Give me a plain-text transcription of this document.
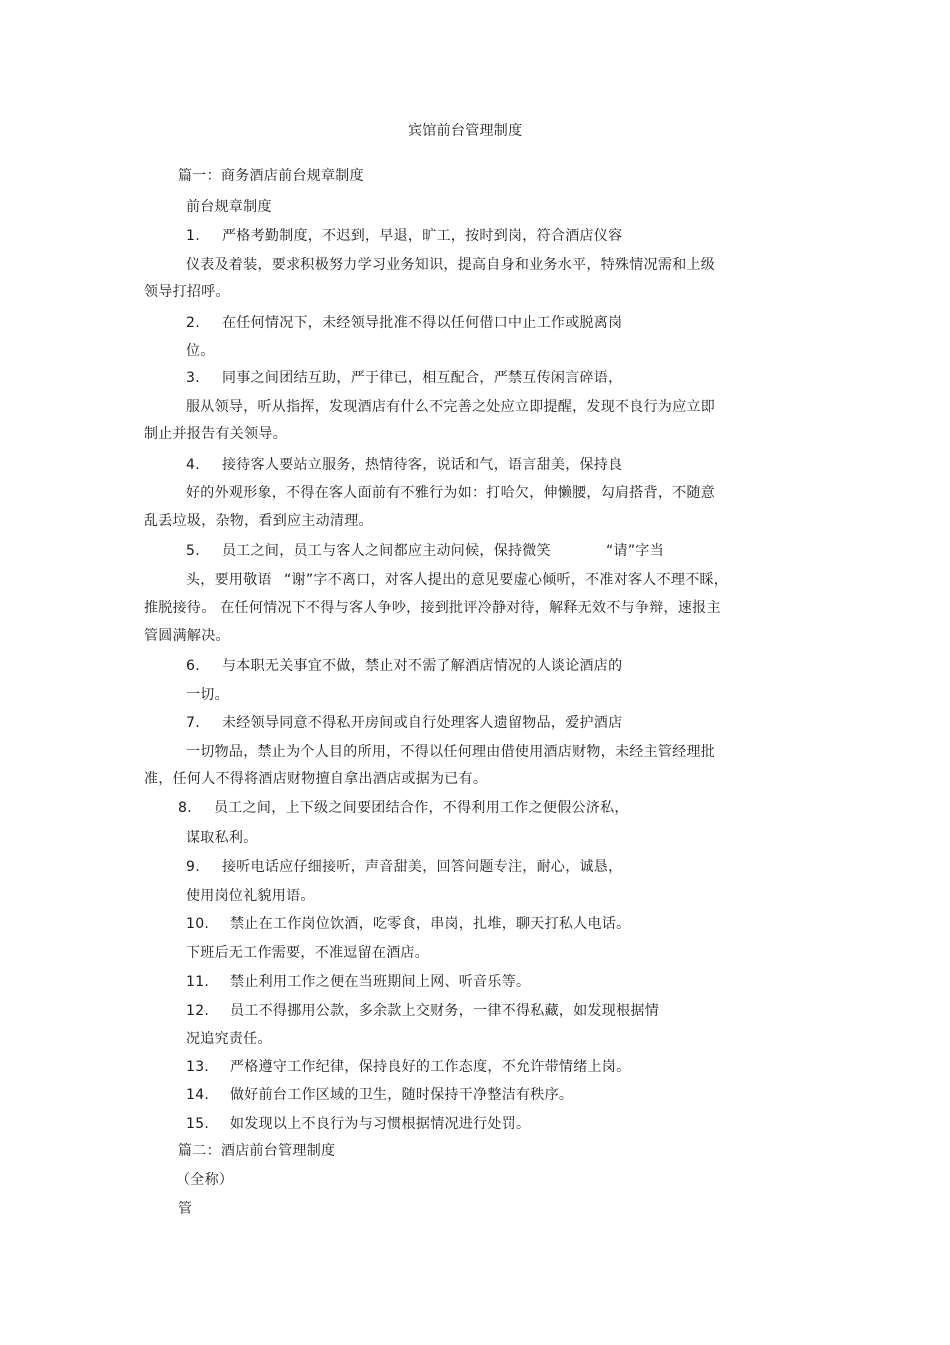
宾馆前台管理制度
篇一：商务酒店前台规章制度
前台规章制度
1. 严格考勤制度，不迟到，早退，旷工，按时到岗，符合酒店仪容
仪表及着装，要求积极努力学习业务知识，提高自身和业务水平，特殊情况需和上级
领导打招呼。
2. 在任何情况下，未经领导批准不得以任何借口中止工作或脱离岗
位。
3. 同事之间团结互助，严于律已，相互配合，严禁互传闲言碎语，
服从领导，听从指挥，发现酒店有什么不完善之处应立即提醒，发现不良行为应立即
制止并报告有关领导。
4. 接待客人要站立服务，热情待客，说话和气，语言甜美，保持良
好的外观形象，不得在客人面前有不雅行为如：打哈欠，伸懒腰，勾肩搭背，不随意
乱丢垃圾，杂物，看到应主动清理。
5. 员工之间，员工与客人之间都应主动问候，保持微笑	“请”字当
头，要用敬语 “谢”字不离口，对客人提出的意见要虚心倾听，不准对客人不理不睬，
推脱接待。 在任何情况下不得与客人争吵，接到批评冷静对待，解释无效不与争辩，速报主
管圆满解决。
6. 与本职无关事宜不做，禁止对不需了解酒店情况的人谈论酒店的
一切。
7. 未经领导同意不得私开房间或自行处理客人遗留物品，爱护酒店
一切物品，禁止为个人目的所用，不得以任何理由借使用酒店财物，未经主管经理批
准，任何人不得将酒店财物擅自拿出酒店或据为已有。
8. 员工之间，上下级之间要团结合作，不得利用工作之便假公济私，
谋取私利。
9. 接听电话应仔细接听，声音甜美，回答问题专注，耐心，诚恳，
使用岗位礼貌用语。
10. 禁止在工作岗位饮酒，吃零食，串岗，扎堆，聊天打私人电话。
下班后无工作需要，不准逗留在酒店。
11. 禁止利用工作之便在当班期间上网、听音乐等。
12. 员工不得挪用公款，多余款上交财务，一律不得私藏，如发现根据情
况追究责任。
13. 严格遵守工作纪律，保持良好的工作态度，不允许带情绪上岗。
14. 做好前台工作区域的卫生，随时保持干净整洁有秩序。
15. 如发现以上不良行为与习惯根据情况进行处罚。
篇二：酒店前台管理制度
（全称）
管
